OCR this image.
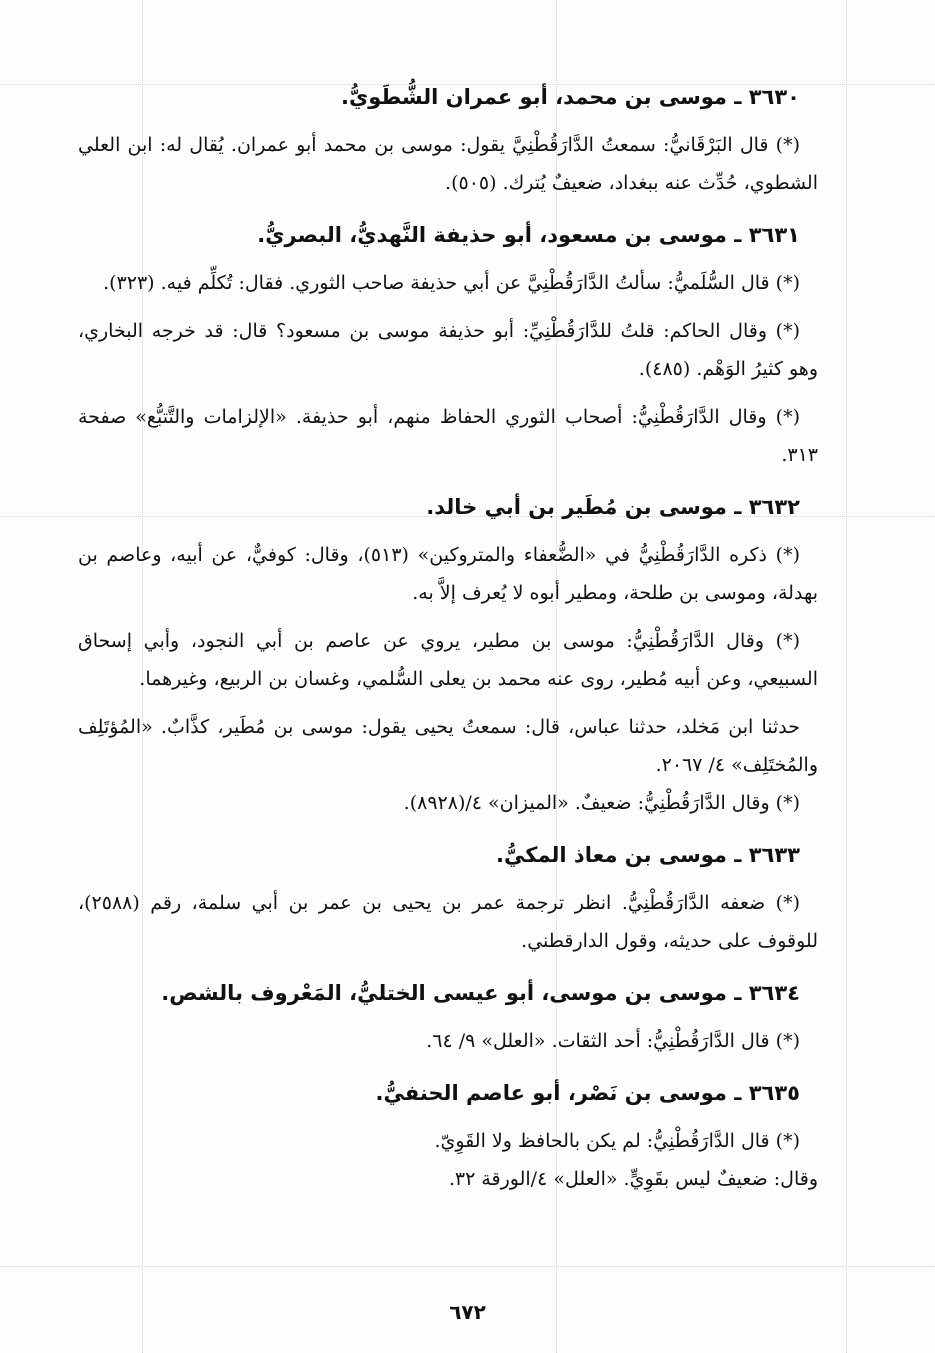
٣٦٣٠ ـ موسى بن محمد، أبو عمران الشُّطَويُّ.

(*) قال البَرْقَانيُّ: سمعتُ الدَّارَقُطْنِيَّ يقول: موسى بن محمد أبو عمران. يُقال له: ابن العلي الشطوي، حُدِّث عنه ببغداد، ضعيفٌ يُترك. (٥٠٥).

٣٦٣١ ـ موسى بن مسعود، أبو حذيفة النَّهديُّ، البصريُّ.

(*) قال السُّلَميُّ: سألتُ الدَّارَقُطْنِيَّ عن أبي حذيفة صاحب الثوري. فقال: تُكلِّم فيه. (٣٢٣).

(*) وقال الحاكم: قلتُ للدَّارَقُطْنِيِّ: أبو حذيفة موسى بن مسعود؟ قال: قد خرجه البخاري، وهو كثيرُ الوَهْم. (٤٨٥).

(*) وقال الدَّارَقُطْنِيُّ: أصحاب الثوري الحفاظ منهم، أبو حذيفة. «الإلزامات والتَّتبُّع» صفحة ٣١٣.

٣٦٣٢ ـ موسى بن مُطَير بن أبي خالد.

(*) ذكره الدَّارَقُطْنِيُّ في «الضُّعفاء والمتروكين» (٥١٣)، وقال: كوفيٌّ، عن أبيه، وعاصم بن بهدلة، وموسى بن طلحة، ومطير أبوه لا يُعرف إلاَّ به.

(*) وقال الدَّارَقُطْنِيُّ: موسى بن مطير، يروي عن عاصم بن أبي النجود، وأبي إسحاق السبيعي، وعن أبيه مُطير، روى عنه محمد بن يعلى السُّلمي، وغسان بن الربيع، وغيرهما.

حدثنا ابن مَخلد، حدثنا عباس، قال: سمعتُ يحيى يقول: موسى بن مُطَير، كذَّابٌ. «المُؤتَلِف والمُختَلِف» ٤/ ٢٠٦٧.

(*) وقال الدَّارَقُطْنِيُّ: ضعيفٌ. «الميزان» ٤/(٨٩٢٨).

٣٦٣٣ ـ موسى بن معاذ المكيُّ.

(*) ضعفه الدَّارَقُطْنِيُّ. انظر ترجمة عمر بن يحيى بن عمر بن أبي سلمة، رقم (٢٥٨٨)، للوقوف على حديثه، وقول الدارقطني.

٣٦٣٤ ـ موسى بن موسى، أبو عيسى الختليُّ، المَعْروف بالشص.

(*) قال الدَّارَقُطْنِيُّ: أحد الثقات. «العلل» ٩/ ٦٤.

٣٦٣٥ ـ موسى بن نَصْر، أبو عاصم الحنفيُّ.

(*) قال الدَّارَقُطْنِيُّ: لم يكن بالحافظ ولا القَوِيّ.

وقال: ضعيفٌ ليس بقَوِيٍّ. «العلل» ٤/الورقة ٣٢.

٦٧٢
